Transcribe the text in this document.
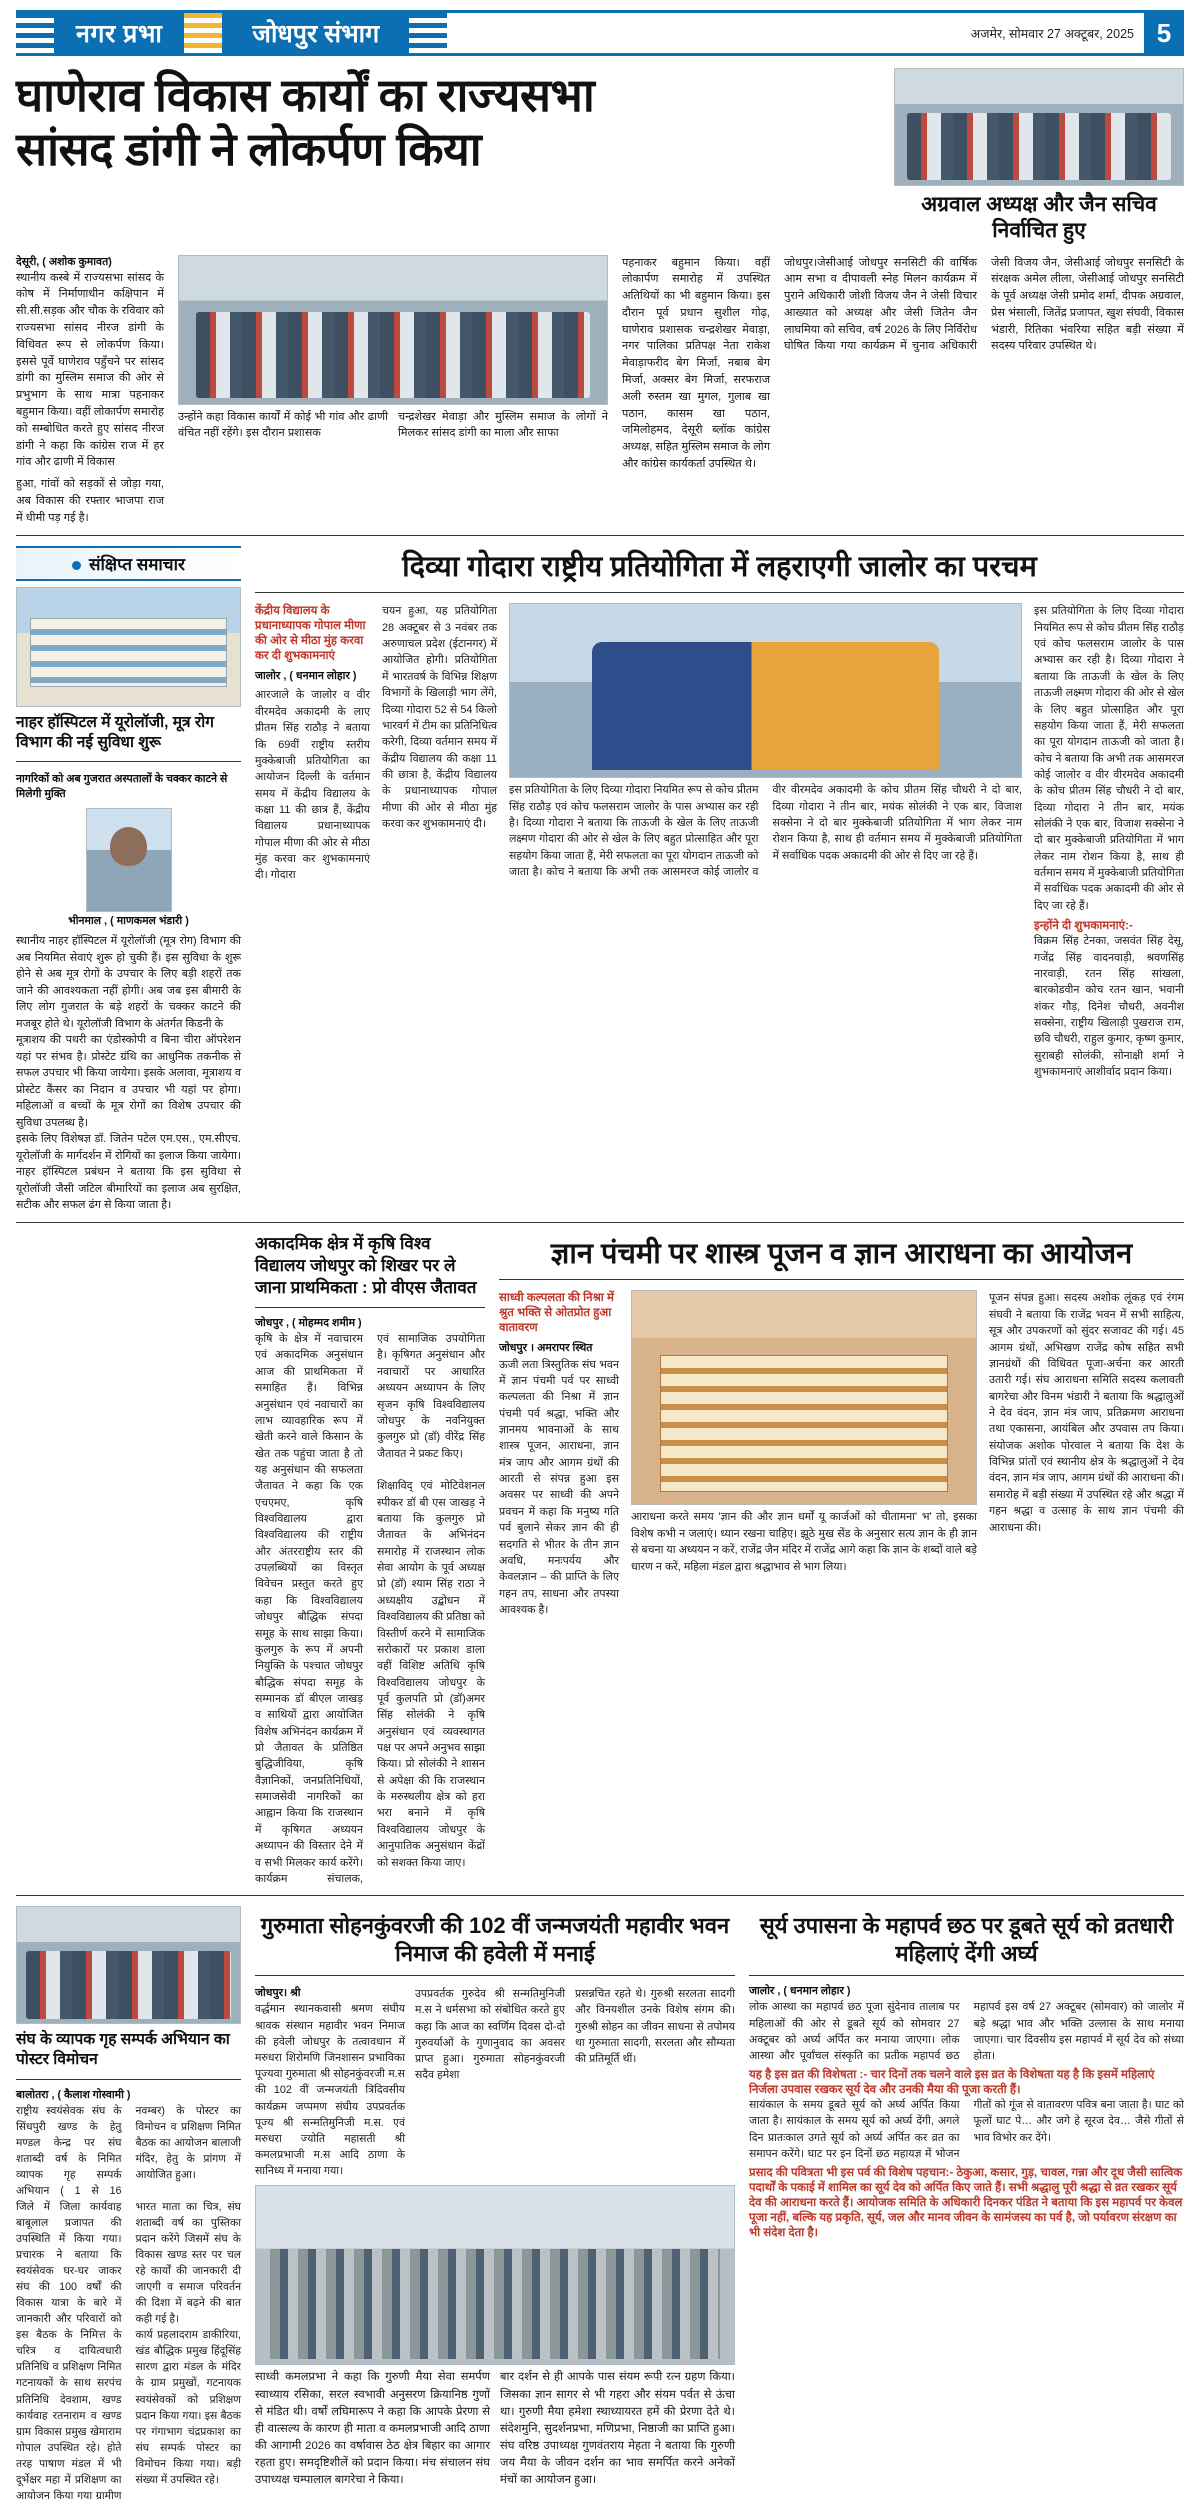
नगर प्रभा	जोधपुर संभाग	अजमेर, सोमवार 27 अक्टूबर, 2025 5
घाणेराव विकास कार्यों का राज्यसभा
सांसद डांगी ने लोकर्पण किया
अग्रवाल अध्यक्ष और जैन सचिव निर्वाचित हुए
देसूरी, ( अशोक कुमावत)
स्थानीय कस्बे में राज्यसभा सांसद के कोष में निर्माणाधीन कक्षिपान में सी.सी.सड़क और चौक के रविवार को राज्यसभा सांसद नीरज डांगी के विधिवत रूप से लोकर्पण किया। इससे पूर्वे घाणेराव पहुँचने पर सांसद डांगी का मुस्लिम समाज की ओर से प्रभुभाग के साथ मात्रा पहनाकर बहुमान किया। वहीं लोकार्पण समारोह को सम्बोधित करते हुए सांसद नीरज डांगी ने कहा कि कांग्रेस राज में हर गांव और ढाणी में विकास
हुआ, गांवों को सड़कों से जोड़ा गया, अब विकास की रफ्तार भाजपा राज में धीमी पड़ गई है।
उन्होंने कहा विकास कार्यों में कोई भी गांव और ढाणी वंचित नहीं रहेंगे। इस दौरान प्रशासक
चन्द्रशेखर मेवाड़ा और मुस्लिम समाज के लोगों ने मिलकर सांसद डांगी का माला और साफा
पहनाकर बहुमान किया। वहीं लोकार्पण समारोह में उपस्थित अतिथियों का भी बहुमान किया। इस दौरान पूर्व प्रधान सुशील गोढ़, घाणेराव प्रशासक चन्द्रशेखर मेवाड़ा, नगर पालिका प्रतिपक्ष नेता राकेश मेवाड़ाफरीद बेग मिर्जा, नबाब बेग मिर्जा, अक्सर बेग मिर्जा, सरफराज अली रुस्तम खा मुगल, गुलाब खा पठान, कासम खा पठान, जमिलोहमद, देसूरी ब्लॉक कांग्रेस अध्यक्ष, सहित मुस्लिम समाज के लोग और कांग्रेस कार्यकर्ता उपस्थित थे।
जोधपुर।जेसीआई जोधपुर सनसिटी की वार्षिक आम सभा व दीपावली स्नेह मिलन कार्यक्रम में पुराने अधिकारी जोशी विजय जैन ने जेसी विचार आख्यात को अध्यक्ष और जेसी जितेन जैन लाघमिया को सचिव, वर्ष 2026 के लिए निर्विरोध घोषित किया गया कार्यक्रम में चुनाव अधिकारी जेसी विजय जैन, जेसीआई जोधपुर सनसिटी के संरक्षक अमेल लीला, जेसीआई जोधपुर सनसिटी के पूर्व अध्यक्ष जेसी प्रमोद शर्मा, दीपक अग्रवाल, प्रेस भंसाली, जितेंद्र प्रजापत, खुश संघवी, विकास भंडारी, रितिका भंवरिया सहित बड़ी संख्या में सदस्य परिवार उपस्थित थे।
संक्षिप्त समाचार
नाहर हॉस्पिटल में यूरोलॉजी, मूत्र रोग विभाग की नई सुविधा शुरू
नागरिकों को अब गुजरात अस्पतालों के चक्कर काटने से मिलेगी मुक्ति
भीनमाल , ( माणकमल भंडारी )
स्थानीय नाहर हॉस्पिटल में यूरोलॉजी (मूत्र रोग) विभाग की अब नियमित सेवाएं शुरू हो चुकी हैं। इस सुविधा के शुरू होने से अब मूत्र रोगों के उपचार के लिए बड़ी शहरों तक जाने की आवश्यकता नहीं होगी। अब जब इस बीमारी के लिए लोग गुजरात के बड़े शहरों के चक्कर काटने की मजबूर होते थे। यूरोलॉजी विभाग के अंतर्गत किडनी के
मूत्राशय की पथरी का एंडोस्कोपी व बिना चीरा ऑपरेशन यहां पर संभव है। प्रोस्टेट ग्रंथि का आधुनिक तकनीक से सफल उपचार भी किया जायेगा। इसके अलावा, मूत्राशय व प्रोस्टेट कैंसर का निदान व उपचार भी यहां पर होगा। महिलाओं व बच्चों के मूत्र रोगों का विशेष उपचार की सुविधा उपलब्ध है।
इसके लिए विशेषज्ञ डॉ. जितेन पटेल एम.एस., एम.सीएच. यूरोलॉजी के मार्गदर्शन में रोगियों का इलाज किया जायेगा। नाहर हॉस्पिटल प्रबंधन ने बताया कि इस सुविधा से यूरोलॉजी जैसी जटिल बीमारियों का इलाज अब सुरक्षित, सटीक और सफल ढंग से किया जाता है।
दिव्या गोदारा राष्ट्रीय प्रतियोगिता में लहराएगी जालोर का परचम
केंद्रीय विद्यालय के प्रधानाध्यापक गोपाल मीणा की ओर से मीठा मुंह करवा कर दी शुभकामनाएं
जालोर , ( धनमान लोहार )
आरजाले के जालोर व वीर वीरमदेव अकादमी के लाए प्रीतम सिंह राठौड़ ने बताया कि 69वीं राष्ट्रीय स्तरीय मुक्केबाजी प्रतियोगिता का आयोजन दिल्ली के वर्तमान समय में केंद्रीय विद्यालय के कक्षा 11 की छात्र हैं, केंद्रीय विद्यालय प्रधानाध्यापक गोपाल मीणा की ओर से मीठा मुंह करवा कर शुभकामनाएं दी। गोदारा
चयन हुआ, यह प्रतियोगिता 28 अक्टूबर से 3 नवंबर तक अरुणाचल प्रदेश (ईटानगर) में आयोजित होगी। प्रतियोगिता में भारतवर्ष के विभिन्न शिक्षण विभागों के खिलाड़ी भाग लेंगे, दिव्या गोदारा 52 से 54 किलो भारवर्ग में टीम का प्रतिनिधित्व करेगी, दिव्या वर्तमान समय में केंद्रीय विद्यालय की कक्षा 11 की छात्रा है, केंद्रीय विद्यालय के प्रधानाध्यापक गोपाल मीणा की ओर से मीठा मुंह करवा कर शुभकामनाएं दी।
इस प्रतियोगिता के लिए दिव्या गोदारा नियमित रूप से कोच प्रीतम सिंह राठौड़ एवं कोच फलसराम जालोर के पास अभ्यास कर रही है। दिव्या गोदारा ने बताया कि ताऊजी के खेल के लिए ताऊजी लक्ष्मण गोदारा की ओर से खेल के लिए बहुत प्रोत्साहित और पूरा सहयोग किया जाता हैं, मेरी सफलता का पूरा योगदान ताऊजी को जाता है। कोच ने बताया कि अभी तक आसमरज कोई जालोर व वीर वीरमदेव अकादमी के कोच प्रीतम सिंह चौधरी ने दो बार, दिव्या गोदारा ने तीन बार, मयंक सोलंकी ने एक बार, विजाश सक्सेना ने दो बार मुक्केबाजी प्रतियोगिता में भाग लेकर नाम रोशन किया है, साथ ही वर्तमान समय में मुक्केबाजी प्रतियोगिता में सर्वाधिक पदक अकादमी की ओर से दिए जा रहे हैं।
इस प्रतियोगिता के लिए दिव्या गोदारा नियमित रूप से कोच प्रीतम सिंह राठौड़ एवं कोच फलसराम जालोर के पास अभ्यास कर रही है। दिव्या गोदारा ने बताया कि ताऊजी के खेल के लिए ताऊजी लक्ष्मण गोदारा की ओर से खेल के लिए बहुत प्रोत्साहित और पूरा सहयोग किया जाता हैं, मेरी सफलता का पूरा योगदान ताऊजी को जाता है। कोच ने बताया कि अभी तक आसमरज कोई जालोर व वीर वीरमदेव अकादमी के कोच प्रीतम सिंह चौधरी ने दो बार, दिव्या गोदारा ने तीन बार, मयंक सोलंकी ने एक बार, विजाश सक्सेना ने दो बार मुक्केबाजी प्रतियोगिता में भाग लेकर नाम रोशन किया है, साथ ही वर्तमान समय में मुक्केबाजी प्रतियोगिता में सर्वाधिक पदक अकादमी की ओर से दिए जा रहे हैं।
इन्होंने दी शुभकामनाएं:-
विक्रम सिंह टेनका, जसवंत सिंह देसू, गजेंद्र सिंह वादनवाड़ी, श्रवणसिंह नारवाड़ी, रतन सिंह सांखला, बारकोडवीन कोच रतन खान, भवानी शंकर गौड़, दिनेश चौधरी, अवनीश सक्सेना, राष्ट्रीय खिलाड़ी पुखराज राम, छवि चौधरी, राहुल कुमार, कृष्ण कुमार, सुराबही सोलंकी, सोनाक्षी शर्मा ने शुभकामनाएं आशीर्वाद प्रदान किया।
अकादमिक क्षेत्र में कृषि विश्व विद्यालय जोधपुर को शिखर पर ले जाना प्राथमिकता : प्रो वीएस जैतावत
जोधपुर , ( मोहम्मद शमीम )
कृषि के क्षेत्र में नवाचारम एवं अकादमिक अनुसंधान आज की प्राथमिकता में समाहित हैं। विभिन्न अनुसंधान एवं नवाचारों का लाभ व्यावहारिक रूप में खेती करने वाले किसान के खेत तक पहुंचा जाता है तो यह अनुसंधान की सफलता एवं सामाजिक उपयोगिता है। कृषिगत अनुसंधान और नवाचारों पर आधारित अध्ययन अध्यापन के लिए सृजन कृषि विश्वविद्यालय जोधपुर के नवनियुक्त कुलगुरु प्रो (डॉ) वीरेंद्र सिंह जैतावत ने प्रकट किए।
जैतावत ने कहा कि एक एचएमए, कृषि विश्वविद्यालय द्वारा विश्वविद्यालय की राष्ट्रीय और अंतरराष्ट्रीय स्तर की उपलब्धियों का विस्तृत विवेचन प्रस्तुत करते हुए कहा कि विश्वविद्यालय जोधपुर बौद्धिक संपदा समूह के साथ साझा किया। कुलगुरु के रूप में अपनी नियुक्ति के पश्चात जोधपुर बौद्धिक संपदा समूह के सम्मानक डॉ बीएल जाखड़ व साथियों द्वारा आयोजित विशेष अभिनंदन कार्यक्रम में प्रो जैतावत के प्रतिष्ठित बुद्धिजीविया, कृषि वैज्ञानिकों, जनप्रतिनिधियों, समाजसेवी नागरिकों का आह्वान किया कि राजस्थान में कृषिगत अध्ययन अध्यापन की विस्तार देने में व सभी मिलकर कार्य करेंगे। कार्यक्रम संचालक, शिक्षाविद् एवं मोटिवेशनल स्पीकर डॉ बी एस जाखड़ ने बताया कि कुलगुरु प्रो जैतावत के अभिनंदन समारोह में राजस्थान लोक सेवा आयोग के पूर्व अध्यक्ष प्रो (डॉ) श्याम सिंह राठा ने अध्यक्षीय उद्बोधन में विश्वविद्यालय की प्रतिष्ठा को विस्तीर्ण करने में सामाजिक सरोकारों पर प्रकाश डाला वहीं विशिष्ट अतिथि कृषि विश्वविद्यालय जोधपुर के पूर्व कुलपति प्रो (डॉ)अमर सिंह सोलंकी ने कृषि अनुसंधान एवं व्यवस्थागत पक्ष पर अपने अनुभव साझा किया। प्रो सोलंकी ने शासन से अपेक्षा की कि राजस्थान के मरुस्थलीय क्षेत्र को हरा भरा बनाने में कृषि विश्वविद्यालय जोधपुर के आनुपातिक अनुसंधान केंद्रों को सशक्त किया जाए।
ज्ञान पंचमी पर शास्त्र पूजन व ज्ञान आराधना का आयोजन
साध्वी कल्पलता की निश्रा में श्रुत भक्ति से ओतप्रोत हुआ वातावरण
जोधपुर । अमरापर स्थित
ऊजी लता त्रिस्तुतिक संघ भवन में ज्ञान पंचमी पर्व पर साध्वी कल्पलता की निश्रा में ज्ञान पंचमी पर्व श्रद्धा, भक्ति और ज्ञानमय भावनाओं के साथ शास्त्र पूजन, आराधना, ज्ञान मंत्र जाप और आगम ग्रंथों की आरती से संपन्न हुआ इस अवसर पर साध्वी की अपने प्रवचन में कहा कि मनुष्य गति पर्व बुलाने सेकर ज्ञान की ही सदगति से भीतर के तीन ज्ञान अवधि, मनःपर्यय और केवलज्ञान – की प्राप्ति के लिए गहन तप, साधना और तपस्या आवश्यक है।
आराधना करते समय 'ज्ञान की और ज्ञान धर्मों यू कार्जओं को चीतामना' भ' तो, इसका विशेष कभी न जलाएं। ध्यान रखना चाहिए। झूठे मुख सेंड के अनुसार सत्य ज्ञान के ही ज्ञान से बचना या अध्ययन न करें, राजेंद्र जैन मंदिर में राजेंद्र आगे कहा कि ज्ञान के शब्दों वाले बड़े धारण न करें, महिला मंडल द्वारा श्रद्धाभाव से भाग लिया।
पूजन संपन्न हुआ। सदस्य अशोक लूंकड़ एवं रंगम संघवी ने बताया कि राजेंद्र भवन में सभी साहित्य, सूत्र और उपकरणों को सुंदर सजावट की गई। 45 आगम ग्रंथों, अभिखण राजेंद्र कोष सहित सभी ज्ञानग्रंथों की विधिवत पूजा-अर्चना कर आरती उतारी गई। संघ आराधना समिति सदस्य कलावती बागरेचा और विनम भंडारी ने बताया कि श्रद्धालुओं ने देव वंदन, ज्ञान मंत्र जाप, प्रतिक्रमण आराधना तथा एकासना, आयंबिल और उपवास तप किया। संयोजक अशोक पोरवाल ने बताया कि देश के विभिन्न प्रांतों एवं स्थानीय क्षेत्र के श्रद्धालुओं ने देव वंदन, ज्ञान मंत्र जाप, आगम ग्रंथों की आराधना की। समारोह में बड़ी संख्या में उपस्थित रहे और श्रद्धा में गहन श्रद्धा व उत्साह के साथ ज्ञान पंचमी की आराधना की।
संघ के व्यापक गृह सम्पर्क अभियान का पोस्टर विमोचन
बालोतरा , ( कैलाश गोस्वामी )
राष्ट्रीय स्वयंसेवक संघ के सिंधपुरी खण्ड के हेतु मण्डल केन्द्र पर संघ शताब्दी वर्ष के निमित व्यापक गृह सम्पर्क अभियान ( 1 से 16 नवम्बर) के पोस्टर का विमोचन व प्रशिक्षण निमित बैठक का आयोजन बालाजी मंदिर, हेतु के प्रांगण में आयोजित हुआ।
जिले में जिला कार्यवाह बाबूलाल प्रजापत की उपस्थिति में किया गया। प्रचारक ने बताया कि स्वयंसेवक घर-घर जाकर संघ की 100 वर्षों की विकास यात्रा के बारे में जानकारी और परिवारों को भारत माता का चित्र, संघ शताब्दी वर्ष का पुस्तिका प्रदान करेंगे जिसमें संघ के विकास खण्ड स्तर पर चल रहे कार्यों की जानकारी दी जाएगी व समाज परिवर्तन की दिशा में बढ़ने की बात कही गई है।
इस बैठक के निमित्त के चरित्र व दायित्वधारी प्रतिनिधि व प्रशिक्षण निमित गटनायकों के साथ सरपंच प्रतिनिधि देवशाम, खण्ड कार्यवाह रतनाराम व खण्ड ग्राम विकास प्रमुख खेमाराम गोपाल उपस्थित रहे। होते तरह पाषाण मंडल में भी दूर्भेक्षर महा में प्रशिक्षण का आयोजन किया गया ग्रामीण कार्य प्रहलादराम डाकीरिया, खंड बौद्धिक प्रमुख हिंदूसिंह सारण द्वारा मंडल के मंदिर के ग्राम प्रमुखों, गटनायक स्वयंसेवकों को प्रशिक्षण प्रदान किया गया। इस बैठक पर गंगाभाग चंद्रप्रकाश का संघ सम्पर्क पोस्टर का विमोचन किया गया। बड़ी संख्या में उपस्थित रहे।
गुरुमाता सोहनकुंवरजी की 102 वीं जन्मजयंती महावीर भवन निमाज की हवेली में मनाई
जोधपुर। श्री
वर्द्धमान स्थानकवासी श्रमण संघीय श्रावक संस्थान महावीर भवन निमाज की हवेली जोधपुर के तत्वावधान में मरुधरा शिरोमणि जिनशासन प्रभाविका पूज्यवा गुरुमाता श्री सोहनकुंवरजी म.स की 102 वीं जन्मजयंती त्रिदिवसीय कार्यक्रम जप्पमण संघीय उपप्रवर्तक पूज्य श्री सन्मतिमुनिजी म.स. एवं मरुधरा ज्योति महासती श्री कमलप्रभाजी म.स आदि ठाणा के सानिध्य में मनाया गया।
उपप्रवर्तक गुरुदेव श्री सन्मतिमुनिजी म.स ने धर्मसभा को संबोधित करते हुए कहा कि आज का स्वर्णिम दिवस दो-दो गुरुवर्याओं के गुणानुवाद का अवसर प्राप्त हुआ। गुरुमाता सोहनकुंवरजी सदैव हमेशा
प्रसन्नचित रहते थे। गुरुश्री सरलता सादगी और विनयशील उनके विशेष संगम की। गुरुश्री सोहन का जीवन साधना से तपोमय था गुरुमाता सादगी, सरलता और सौम्यता की प्रतिमूर्ति थीं।
साध्वी कमलप्रभा ने कहा कि गुरुणी मैया सेवा समर्पण स्वाध्याय रसिका, सरल स्वभावी अनुसरण क्रियानिष्ठ गुणों से मंडित थी। वर्षों लघिमारूप ने कहा कि आपके प्रेरणा से ही वात्सल्य के कारण ही माता व कमलप्रभाजी आदि ठाणा की आगामी 2026 का वर्षावास ठेठ क्षेत्र बिहार का आगार रहता हुए। समदृष्टिशीलें को प्रदान किया। मंच संचालन संघ उपाध्यक्ष चम्पालाल बागरेचा ने किया।
बार दर्शन से ही आपके पास संयम रूपी रत्न ग्रहण किया। जिसका ज्ञान सागर से भी गहरा और संयम पर्वत से ऊंचा था। गुरुणी मैया हमेशा स्थाध्यायरत हमें की प्रेरणा देते थे। संदेशमुनि, सुदर्शनप्रभा, मणिप्रभा, निष्ठाजी का प्राप्ति हुआ। संघ वरिष्ठ उपाध्यक्ष गुणवंतराय मेहता ने बताया कि गुरुणी जय मैया के जीवन दर्शन का भाव समर्पित करने अनेकों मंचों का आयोजन हुआ।
सूर्य उपासना के महापर्व छठ पर डूबते सूर्य को व्रतधारी महिलाएं देंगी अर्घ्य
जालोर , ( धनमान लोहार )
लोक आस्था का महापर्व छठ पूजा सुंदेनाव तालाब पर महिलाओं की ओर से डूबते सूर्य को सोमवार 27 अक्टूबर को अर्घ्य अर्पित कर मनाया जाएगा। लोक आस्था और पूर्वांचल संस्कृति का प्रतीक महापर्व छठ महापर्व इस वर्ष 27 अक्टूबर (सोमवार) को जालोर में बड़े श्रद्धा भाव और भक्ति उल्लास के साथ मनाया जाएगा। चार दिवसीय इस महापर्व में सूर्य देव को संध्या होता।
यह है इस व्रत की विशेषता :- चार दिनों तक चलने वाले इस व्रत के विशेषता यह है कि इसमें महिलाएं निर्जला उपवास रखकर सूर्य देव और उनकी मैया की पूजा करती हैं।
सायंकाल के समय डूबते सूर्य को अर्घ्य अर्पित किया जाता है। सायंकाल के समय सूर्य को अर्घ्य देंगी, अगले दिन प्रातःकाल उगते सूर्य को अर्घ्य अर्पित कर व्रत का समापन करेंगे। घाट पर इन दिनों छठ महायज्ञ में भोजन गीतों को गूंज से वातावरण पवित्र बना जाता है। घाट को फूलों घाट पे… और जगे हे सूरज देव… जैसे गीतों से भाव विभोर कर देंगे।
प्रसाद की पवित्रता भी इस पर्व की विशेष पहचान:- ठेकुआ, कसार, गुड़, चावल, गन्ना और दूध जैसी सात्विक पदार्थों के पकाई में शामिल का सूर्य देव को अर्पित किए जाते हैं। सभी श्रद्धालु पूरी श्रद्धा से व्रत रखकर सूर्य देव की आराधना करते हैं। आयोजक समिति के अधिकारी दिनकर पंडित ने बताया कि इस महापर्व पर केवल पूजा नहीं, बल्कि यह प्रकृति, सूर्य, जल और मानव जीवन के सामंजस्य का पर्व है, जो पर्यावरण संरक्षण का भी संदेश देता है।
